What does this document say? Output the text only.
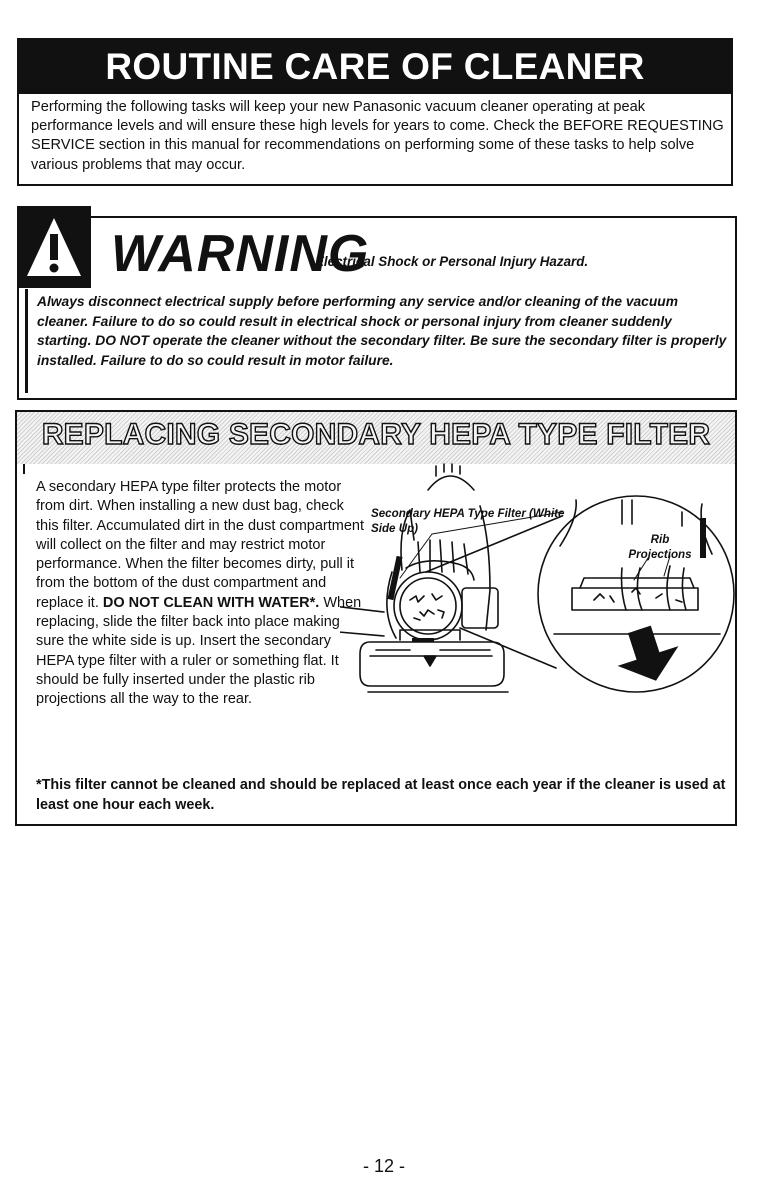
ROUTINE CARE OF CLEANER

Performing the following tasks will keep your new Panasonic vacuum cleaner operating at peak performance levels and will ensure these high levels for years to come. Check the BEFORE REQUESTING SERVICE section in this manual for recommendations on performing some of these tasks to help solve various problems that may occur.

WARNING

Electrical Shock or Personal Injury Hazard.

Always disconnect electrical supply before performing any service and/or cleaning of the vacuum cleaner. Failure to do so could result in electrical shock or personal injury from cleaner suddenly starting. DO NOT operate the cleaner without the secondary filter. Be sure the secondary filter is properly installed. Failure to do so could result in motor failure.

REPLACING SECONDARY HEPA TYPE FILTER

A secondary HEPA type filter protects the motor from dirt. When installing a new dust bag, check this filter. Accumulated dirt in the dust compartment will collect on the filter and may restrict motor performance. When the filter becomes dirty, pull it from the bottom of the dust compartment and replace it. DO NOT CLEAN WITH WATER*. When replacing, slide the filter back into place making sure the white side is up. Insert the secondary HEPA type filter with a ruler or something flat. It should be fully inserted under the plastic rib projections all the way to the rear.

Secondary HEPA Type Filter (White Side Up)

Rib Projections

*This filter cannot be cleaned and should be replaced at least once each year if the cleaner is used at least one hour each week.

- 12 -
